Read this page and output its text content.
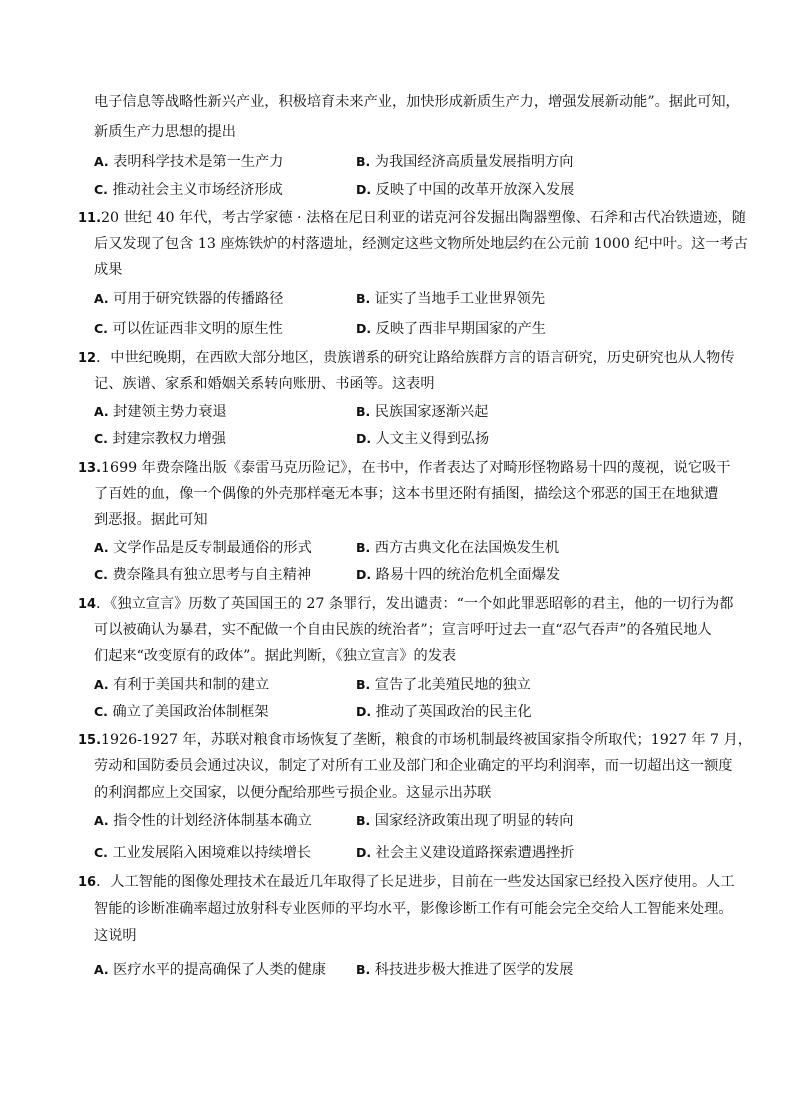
电子信息等战略性新兴产业，积极培育未来产业，加快形成新质生产力，增强发展新动能”。据此可知，
新质生产力思想的提出
A. 表明科学技术是第一生产力	B. 为我国经济高质量发展指明方向
C. 推动社会主义市场经济形成	D. 反映了中国的改革开放深入发展
11.20 世纪 40 年代，考古学家德 · 法格在尼日利亚的诺克河谷发掘出陶器塑像、石斧和古代冶铁遗迹，随
后又发现了包含 13 座炼铁炉的村落遗址，经测定这些文物所处地层约在公元前 1000 纪中叶。这一考古
成果
A. 可用于研究铁器的传播路径	B. 证实了当地手工业世界领先
C. 可以佐证西非文明的原生性	D. 反映了西非早期国家的产生
12．中世纪晚期，在西欧大部分地区，贵族谱系的研究让路给族群方言的语言研究，历史研究也从人物传
记、族谱、家系和婚姻关系转向账册、书函等。这表明
A. 封建领主势力衰退	B. 民族国家逐渐兴起
C. 封建宗教权力增强	D. 人文主义得到弘扬
13.1699 年费奈隆出版《泰雷马克历险记》，在书中，作者表达了对畸形怪物路易十四的蔑视，说它吸干
了百姓的血，像一个偶像的外壳那样毫无本事；这本书里还附有插图，描绘这个邪恶的国王在地狱遭
到恶报。据此可知
A. 文学作品是反专制最通俗的形式	B. 西方古典文化在法国焕发生机
C. 费奈隆具有独立思考与自主精神	D. 路易十四的统治危机全面爆发
14．《独立宣言》历数了英国国王的 27 条罪行，发出谴责：“一个如此罪恶昭彰的君主，他的一切行为都
可以被确认为暴君，实不配做一个自由民族的统治者”；宣言呼吁过去一直“忍气吞声”的各殖民地人
们起来“改变原有的政体”。据此判断，《独立宣言》的发表
A. 有利于美国共和制的建立	B. 宣告了北美殖民地的独立
C. 确立了美国政治体制框架	D. 推动了英国政治的民主化
15.1926-1927 年，苏联对粮食市场恢复了垄断，粮食的市场机制最终被国家指令所取代；1927 年 7 月，
劳动和国防委员会通过决议，制定了对所有工业及部门和企业确定的平均利润率，而一切超出这一额度
的利润都应上交国家，以便分配给那些亏损企业。这显示出苏联
A. 指令性的计划经济体制基本确立	B. 国家经济政策出现了明显的转向
C. 工业发展陷入困境难以持续增长	D. 社会主义建设道路探索遭遇挫折
16．人工智能的图像处理技术在最近几年取得了长足进步，目前在一些发达国家已经投入医疗使用。人工
智能的诊断准确率超过放射科专业医师的平均水平，影像诊断工作有可能会完全交给人工智能来处理。
这说明
A. 医疗水平的提高确保了人类的健康 B. 科技进步极大推进了医学的发展
